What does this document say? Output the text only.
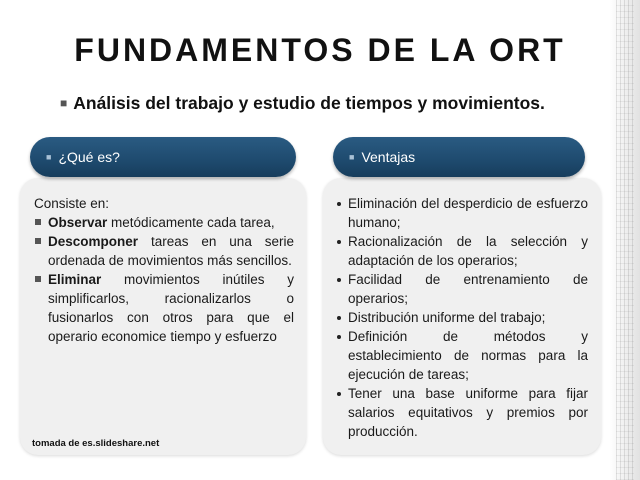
FUNDAMENTOS DE LA ORT
■ Análisis del trabajo y estudio de tiempos y movimientos.
■ ¿Qué es?
Consiste en:
Observar metódicamente cada tarea,
Descomponer tareas en una serie ordenada de movimientos más sencillos.
Eliminar movimientos inútiles y simplificarlos, racionalizarlos o fusionarlos con otros para que el operario economice tiempo y esfuerzo
■ Ventajas
Eliminación del desperdicio de esfuerzo humano;
Racionalización de la selección y adaptación de los operarios;
Facilidad de entrenamiento de operarios;
Distribución uniforme del trabajo;
Definición de métodos y establecimiento de normas para la ejecución de tareas;
Tener una base uniforme para fijar salarios equitativos y premios por producción.
tomada de es.slideshare.net
